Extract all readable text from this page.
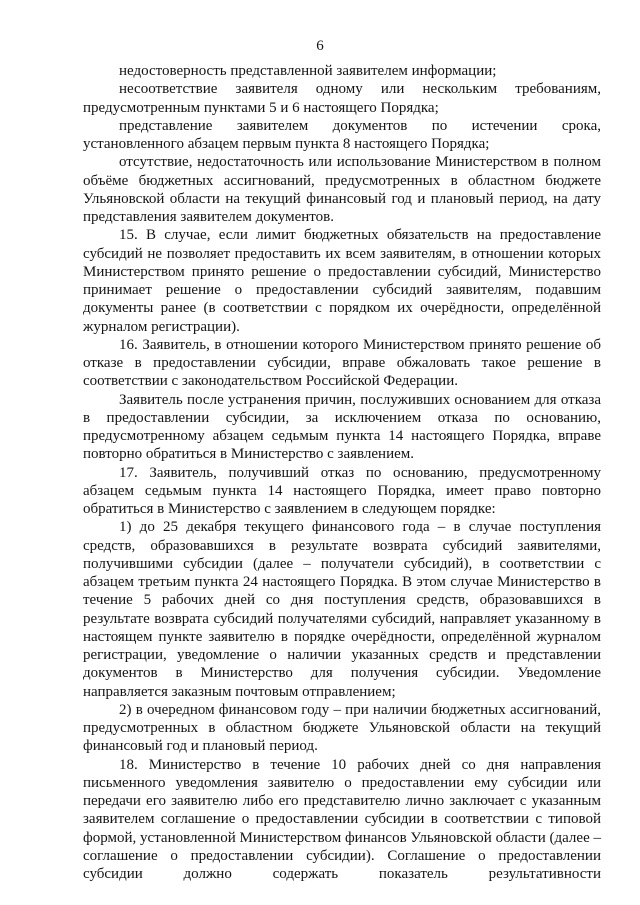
6

недостоверность представленной заявителем информации;

несоответствие заявителя одному или нескольким требованиям, предусмотренным пунктами 5 и 6 настоящего Порядка;

представление заявителем документов по истечении срока, установленного абзацем первым пункта 8 настоящего Порядка;

отсутствие, недостаточность или использование Министерством в полном объёме бюджетных ассигнований, предусмотренных в областном бюджете Ульяновской области на текущий финансовый год и плановый период, на дату представления заявителем документов.

15. В случае, если лимит бюджетных обязательств на предоставление субсидий не позволяет предоставить их всем заявителям, в отношении которых Министерством принято решение о предоставлении субсидий, Министерство принимает решение о предоставлении субсидий заявителям, подавшим документы ранее (в соответствии с порядком их очерёдности, определённой журналом регистрации).

16. Заявитель, в отношении которого Министерством принято решение об отказе в предоставлении субсидии, вправе обжаловать такое решение в соответствии с законодательством Российской Федерации.

Заявитель после устранения причин, послуживших основанием для отказа в предоставлении субсидии, за исключением отказа по основанию, предусмотренному абзацем седьмым пункта 14 настоящего Порядка, вправе повторно обратиться в Министерство с заявлением.

17. Заявитель, получивший отказ по основанию, предусмотренному абзацем седьмым пункта 14 настоящего Порядка, имеет право повторно обратиться в Министерство с заявлением в следующем порядке:

1) до 25 декабря текущего финансового года – в случае поступления средств, образовавшихся в результате возврата субсидий заявителями, получившими субсидии (далее – получатели субсидий), в соответствии с абзацем третьим пункта 24 настоящего Порядка. В этом случае Министерство в течение 5 рабочих дней со дня поступления средств, образовавшихся в результате возврата субсидий получателями субсидий, направляет указанному в настоящем пункте заявителю в порядке очерёдности, определённой журналом регистрации, уведомление о наличии указанных средств и представлении документов в Министерство для получения субсидии. Уведомление направляется заказным почтовым отправлением;

2) в очередном финансовом году – при наличии бюджетных ассигнований, предусмотренных в областном бюджете Ульяновской области на текущий финансовый год и плановый период.

18. Министерство в течение 10 рабочих дней со дня направления письменного уведомления заявителю о предоставлении ему субсидии или передачи его заявителю либо его представителю лично заключает с указанным заявителем соглашение о предоставлении субсидии в соответствии с типовой формой, установленной Министерством финансов Ульяновской области (далее – соглашение о предоставлении субсидии). Соглашение о предоставлении субсидии должно содержать показатель результативности
